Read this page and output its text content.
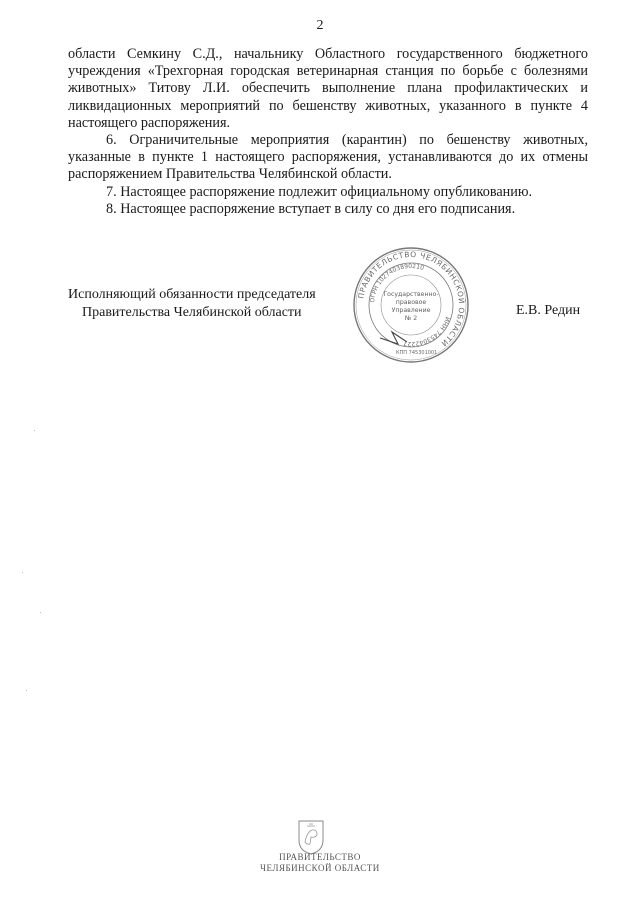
2

области Семкину С.Д., начальнику Областного государственного бюджетного учреждения «Трехгорная городская ветеринарная станция по борьбе с болезнями животных» Титову Л.И. обеспечить выполнение плана профилактических и ликвидационных мероприятий по бешенству животных, указанного в пункте 4 настоящего распоряжения.

6. Ограничительные мероприятия (карантин) по бешенству животных, указанные в пункте 1 настоящего распоряжения, устанавливаются до их отмены распоряжением Правительства Челябинской области.

7. Настоящее распоряжение подлежит официальному опубликованию.

8. Настоящее распоряжение вступает в силу со дня его подписания.

Исполняющий обязанности председателя
Правительства Челябинской области	Е.В. Редин
ПРАВИТЕЛЬСТВО ЧЕЛЯБИНСКОЙ ОБЛАСТИ
ОГРН 1027403890210
ИНН 7453042227
Государственно-
правовое
Управление
№ 2
КПП 745301001
ПРАВИТЕЛЬСТВО
ЧЕЛЯБИНСКОЙ ОБЛАСТИ
